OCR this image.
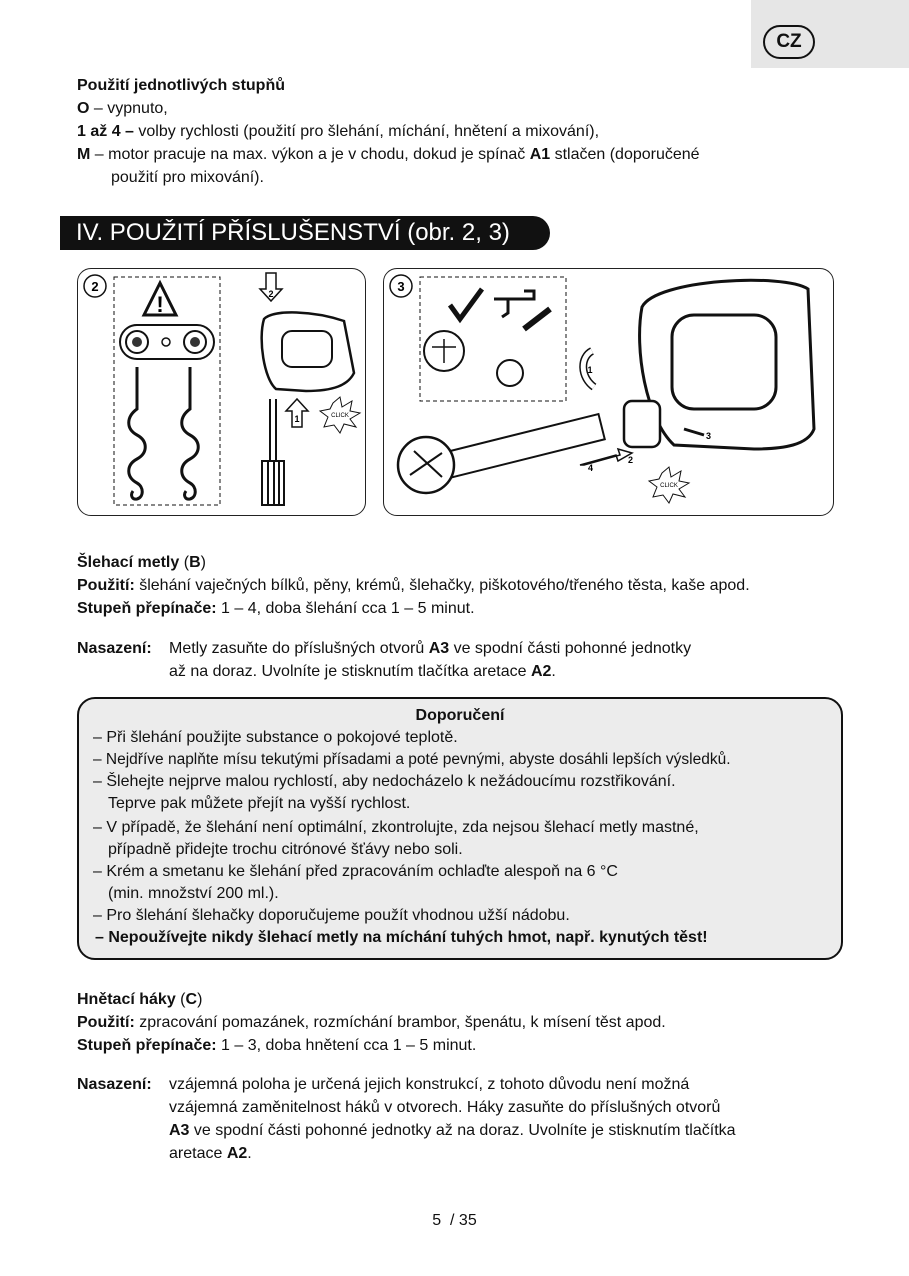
CZ
Použití jednotlivých stupňů
O – vypnuto,
1 až 4 – volby rychlosti (použití pro šlehání, míchání, hnětení a mixování),
M – motor pracuje na max. výkon a je v chodu, dokud je spínač A1 stlačen (doporučené
použití pro mixování).
IV. POUŽITÍ PŘÍSLUŠENSTVÍ (obr. 2, 3)
2
!	2
1	CLICK
3
1
2
4
3
CLICK
Šlehací metly (B)
Použití: šlehání vaječných bílků, pěny, krémů, šlehačky, piškotového/třeného těsta, kaše apod.
Stupeň přepínače: 1 – 4, doba šlehání cca 1 – 5 minut.
Nasazení: Metly zasuňte do příslušných otvorů A3 ve spodní části pohonné jednotky
až na doraz. Uvolníte je stisknutím tlačítka aretace A2.
Doporučení
– Při šlehání použijte substance o pokojové teplotě.
– Nejdříve naplňte mísu tekutými přísadami a poté pevnými, abyste dosáhli lepších výsledků.
– Šlehejte nejprve malou rychlostí, aby nedocházelo k nežádoucímu rozstřikování.
Teprve pak můžete přejít na vyšší rychlost.
– V případě, že šlehání není optimální, zkontrolujte, zda nejsou šlehací metly mastné,
případně přidejte trochu citrónové šťávy nebo soli.
– Krém a smetanu ke šlehání před zpracováním ochlaďte alespoň na 6 °C
(min. množství 200 ml.).
– Pro šlehání šlehačky doporučujeme použít vhodnou užší nádobu.
– Nepoužívejte nikdy šlehací metly na míchání tuhých hmot, např. kynutých těst!
Hnětací háky (C)
Použití: zpracování pomazánek, rozmíchání brambor, špenátu, k mísení těst apod.
Stupeň přepínače: 1 – 3, doba hnětení cca 1 – 5 minut.
Nasazení: vzájemná poloha je určená jejich konstrukcí, z tohoto důvodu není možná
vzájemná zaměnitelnost háků v otvorech. Háky zasuňte do příslušných otvorů
A3 ve spodní části pohonné jednotky až na doraz. Uvolníte je stisknutím tlačítka
aretace A2.
5  / 35
